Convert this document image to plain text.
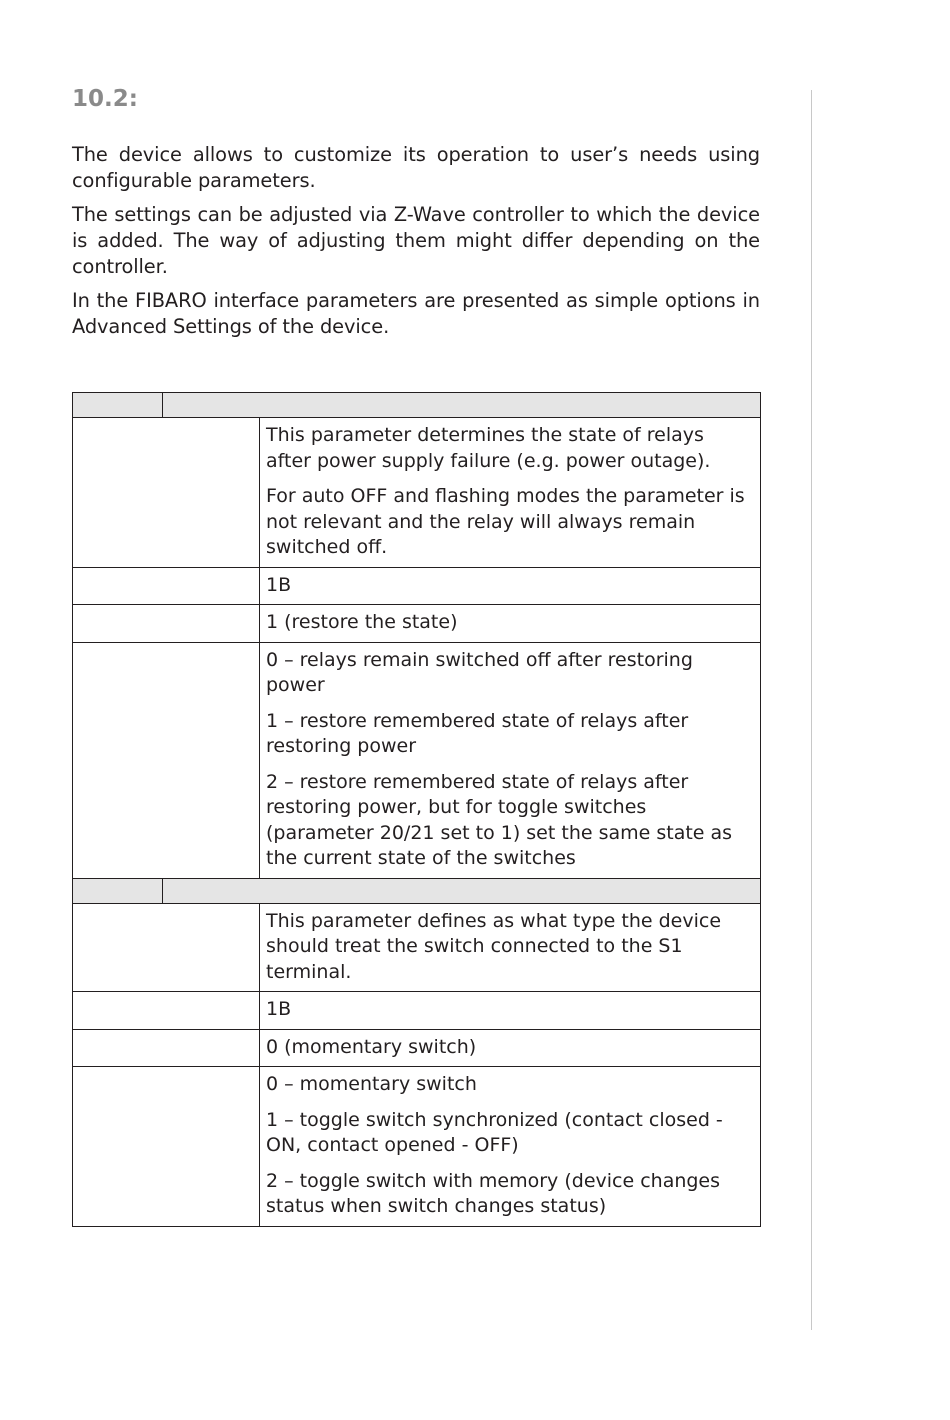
10.2:

The device allows to customize its operation to user’s needs using configurable parameters.

The settings can be adjusted via Z-Wave controller to which the device is added. The way of adjusting them might differ depending on the controller.

In the FIBARO interface parameters are presented as simple options in Advanced Settings of the device.

		This parameter determines the state of relays after power supply failure (e.g. power outage).

For auto OFF and flashing modes the parameter is not relevant and the relay will always remain switched off.

		1B
		1 (restore the state)

		0 – relays remain switched off after restoring power

1 – restore remembered state of relays after restoring power

2 – restore remembered state of relays after restoring power, but for toggle switches (parameter 20/21 set to 1) set the same state as the current state of the switches

		This parameter defines as what type the device should treat the switch connected to the S1 terminal.

		1B
		0 (momentary switch)

		0 – momentary switch

1 – toggle switch synchronized (contact closed - ON, contact opened - OFF)

2 – toggle switch with memory (device changes status when switch changes status)
